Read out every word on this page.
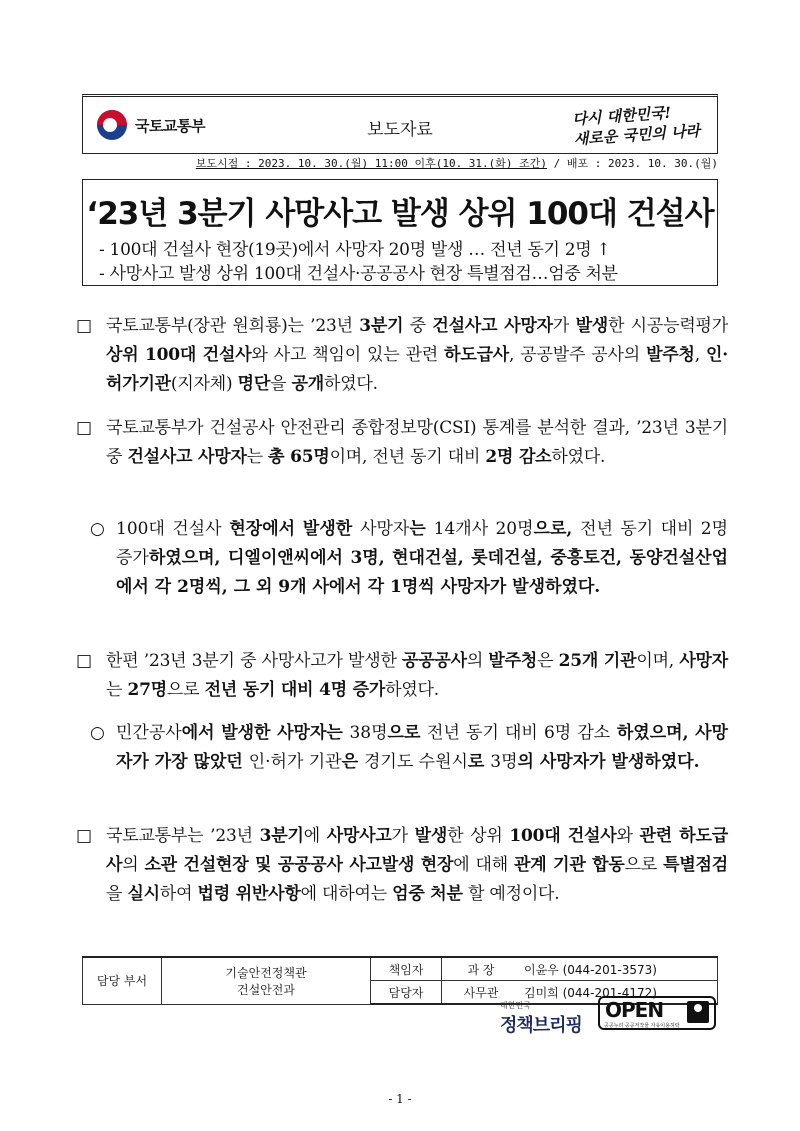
국토교통부	보도자료
다시 대한민국!
새로운 국민의 나라
보도시점 : 2023. 10. 30.(월) 11:00 이후(10. 31.(화) 조간) / 배포 : 2023. 10. 30.(월)
‘23년 3분기 사망사고 발생 상위 100대 건설사
- 100대 건설사 현장(19곳)에서 사망자 20명 발생 … 전년 동기 2명 ↑
- 사망사고 발생 상위 100대 건설사·공공공사 현장 특별점검…엄중 처분
□ 국토교통부(장관 원희룡)는 ’23년 3분기 중 건설사고 사망자가 발생한 시공능력평가 상위 100대 건설사와 사고 책임이 있는 관련 하도급사, 공공발주 공사의 발주청, 인·허가기관(지자체) 명단을 공개하였다.
□ 국토교통부가 건설공사 안전관리 종합정보망(CSI) 통계를 분석한 결과, ’23년 3분기 중 건설사고 사망자는 총 65명이며, 전년 동기 대비 2명 감소하였다.
○ 100대 건설사 현장에서 발생한 사망자는 14개사 20명으로, 전년 동기 대비 2명 증가하였으며, 디엘이앤씨에서 3명, 현대건설, 롯데건설, 중흥토건, 동양건설산업에서 각 2명씩, 그 외 9개 사에서 각 1명씩 사망자가 발생하였다.
□ 한편 ’23년 3분기 중 사망사고가 발생한 공공공사의 발주청은 25개 기관이며, 사망자는 27명으로 전년 동기 대비 4명 증가하였다.
○ 민간공사에서 발생한 사망자는 38명으로 전년 동기 대비 6명 감소 하였으며, 사망자가 가장 많았던 인·허가 기관은 경기도 수원시로 3명의 사망자가 발생하였다.
□ 국토교통부는 ’23년 3분기에 사망사고가 발생한 상위 100대 건설사와 관련 하도급사의 소관 건설현장 및 공공공사 사고발생 현장에 대해 관계 기관 합동으로 특별점검을 실시하여 법령 위반사항에 대하여는 엄중 처분 할 예정이다.
담당 부서	기술안전정책관
건설안전과	책임자	과 장	이윤우 (044-201-3573)
		담당자	사무관	김미희 (044-201-4172)
대한민국
정책브리핑
OPEN
공공누리 공공저작물 자유이용허락
- 1 -
